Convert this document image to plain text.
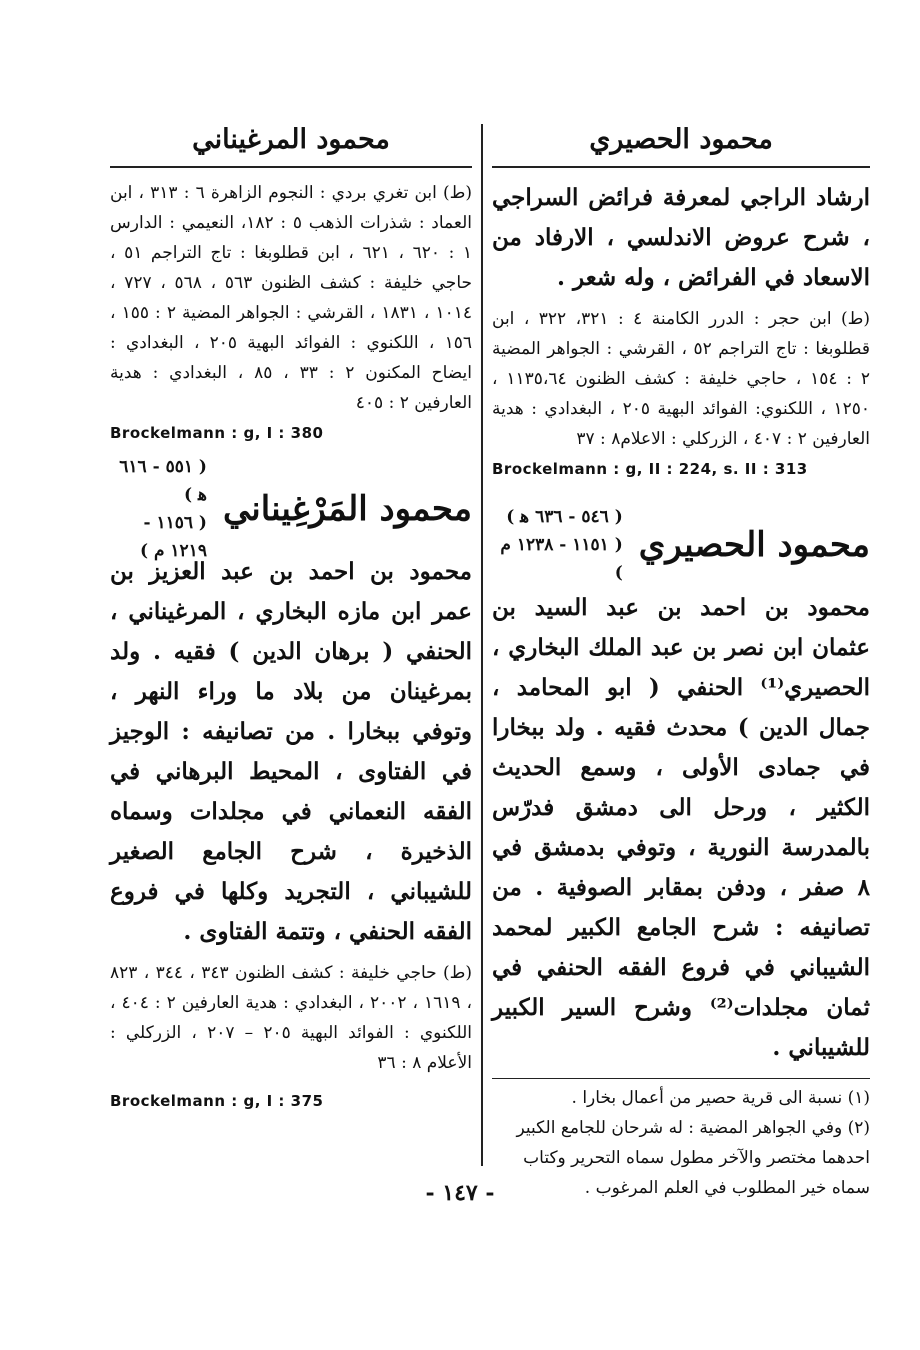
محمود الحصيري

ارشاد الراجي لمعرفة فرائض السراجي ، شرح عروض الاندلسي ، الارفاد من الاسعاد في الفرائض ، وله شعر .

(ط) ابن حجر : الدرر الكامنة ٤ : ٣٢١، ٣٢٢ ، ابن قطلوبغا : تاج التراجم ٥٢ ، القرشي : الجواهر المضية ٢ : ١٥٤ ، حاجي خليفة : كشف الظنون ١١٣٥،٦٤ ، ١٢٥٠ ، اللكنوي: الفوائد البهية ٢٠٥ ، البغدادي : هدية العارفين ٢ : ٤٠٧ ، الزركلي : الاعلام٨ : ٣٧

Brockelmann : g, II : 224, s. II : 313

محمود الحصيري
( ٥٤٦ - ٦٣٦ ﻫ )
( ١١٥١ - ١٢٣٨ م )

محمود بن احمد بن عبد السيد بن عثمان ابن نصر بن عبد الملك البخاري ، الحصيري⁽¹⁾ الحنفي ( ابو المحامد ، جمال الدين ) محدث فقيه . ولد ببخارا في جمادى الأولى ، وسمع الحديث الكثير ، ورحل الى دمشق فدرّس بالمدرسة النورية ، وتوفي بدمشق في ٨ صفر ، ودفن بمقابر الصوفية . من تصانيفه : شرح الجامع الكبير لمحمد الشيباني في فروع الفقه الحنفي في ثمان مجلدات⁽²⁾ وشرح السير الكبير للشيباني .

(١) نسبة الى قرية حصير من أعمال بخارا .

(٢) وفي الجواهر المضية : له شرحان للجامع الكبير احدهما مختصر والآخر مطول سماه التحرير وكتاب سماه خير المطلوب في العلم المرغوب .

محمود المرغيناني

(ط) ابن تغري بردي : النجوم الزاهرة ٦ : ٣١٣ ، ابن العماد : شذرات الذهب ٥ : ١٨٢، النعيمي : الدارس ١ : ٦٢٠ ، ٦٢١ ، ابن قطلوبغا : تاج التراجم ٥١ ، حاجي خليفة : كشف الظنون ٥٦٣ ، ٥٦٨ ، ٧٢٧ ، ١٠١٤ ، ١٨٣١ ، القرشي : الجواهر المضية ٢ : ١٥٥ ، ١٥٦ ، اللكنوي : الفوائد البهية ٢٠٥ ، البغدادي : ايضاح المكنون ٢ : ٣٣ ، ٨٥ ، البغدادي : هدية العارفين ٢ : ٤٠٥

Brockelmann : g, I : 380

محمود المَرْغِيناني
( ٥٥١ - ٦١٦ ﻫ )
( ١١٥٦ - ١٢١٩ م )

محمود بن احمد بن عبد العزيز بن عمر ابن مازه البخاري ، المرغيناني ، الحنفي ( برهان الدين ) فقيه . ولد بمرغينان من بلاد ما وراء النهر ، وتوفي ببخارا . من تصانيفه : الوجيز في الفتاوى ، المحيط البرهاني في الفقه النعماني في مجلدات وسماه الذخيرة ، شرح الجامع الصغير للشيباني ، التجريد وكلها في فروع الفقه الحنفي ، وتتمة الفتاوى .

(ط) حاجي خليفة : كشف الظنون ٣٤٣ ، ٣٤٤ ، ٨٢٣ ، ١٦١٩ ، ٢٠٠٢ ، البغدادي : هدية العارفين ٢ : ٤٠٤ ، اللكنوي : الفوائد البهية ٢٠٥ – ٢٠٧ ، الزركلي : الأعلام ٨ : ٣٦

Brockelmann : g, I : 375

- ١٤٧ -
